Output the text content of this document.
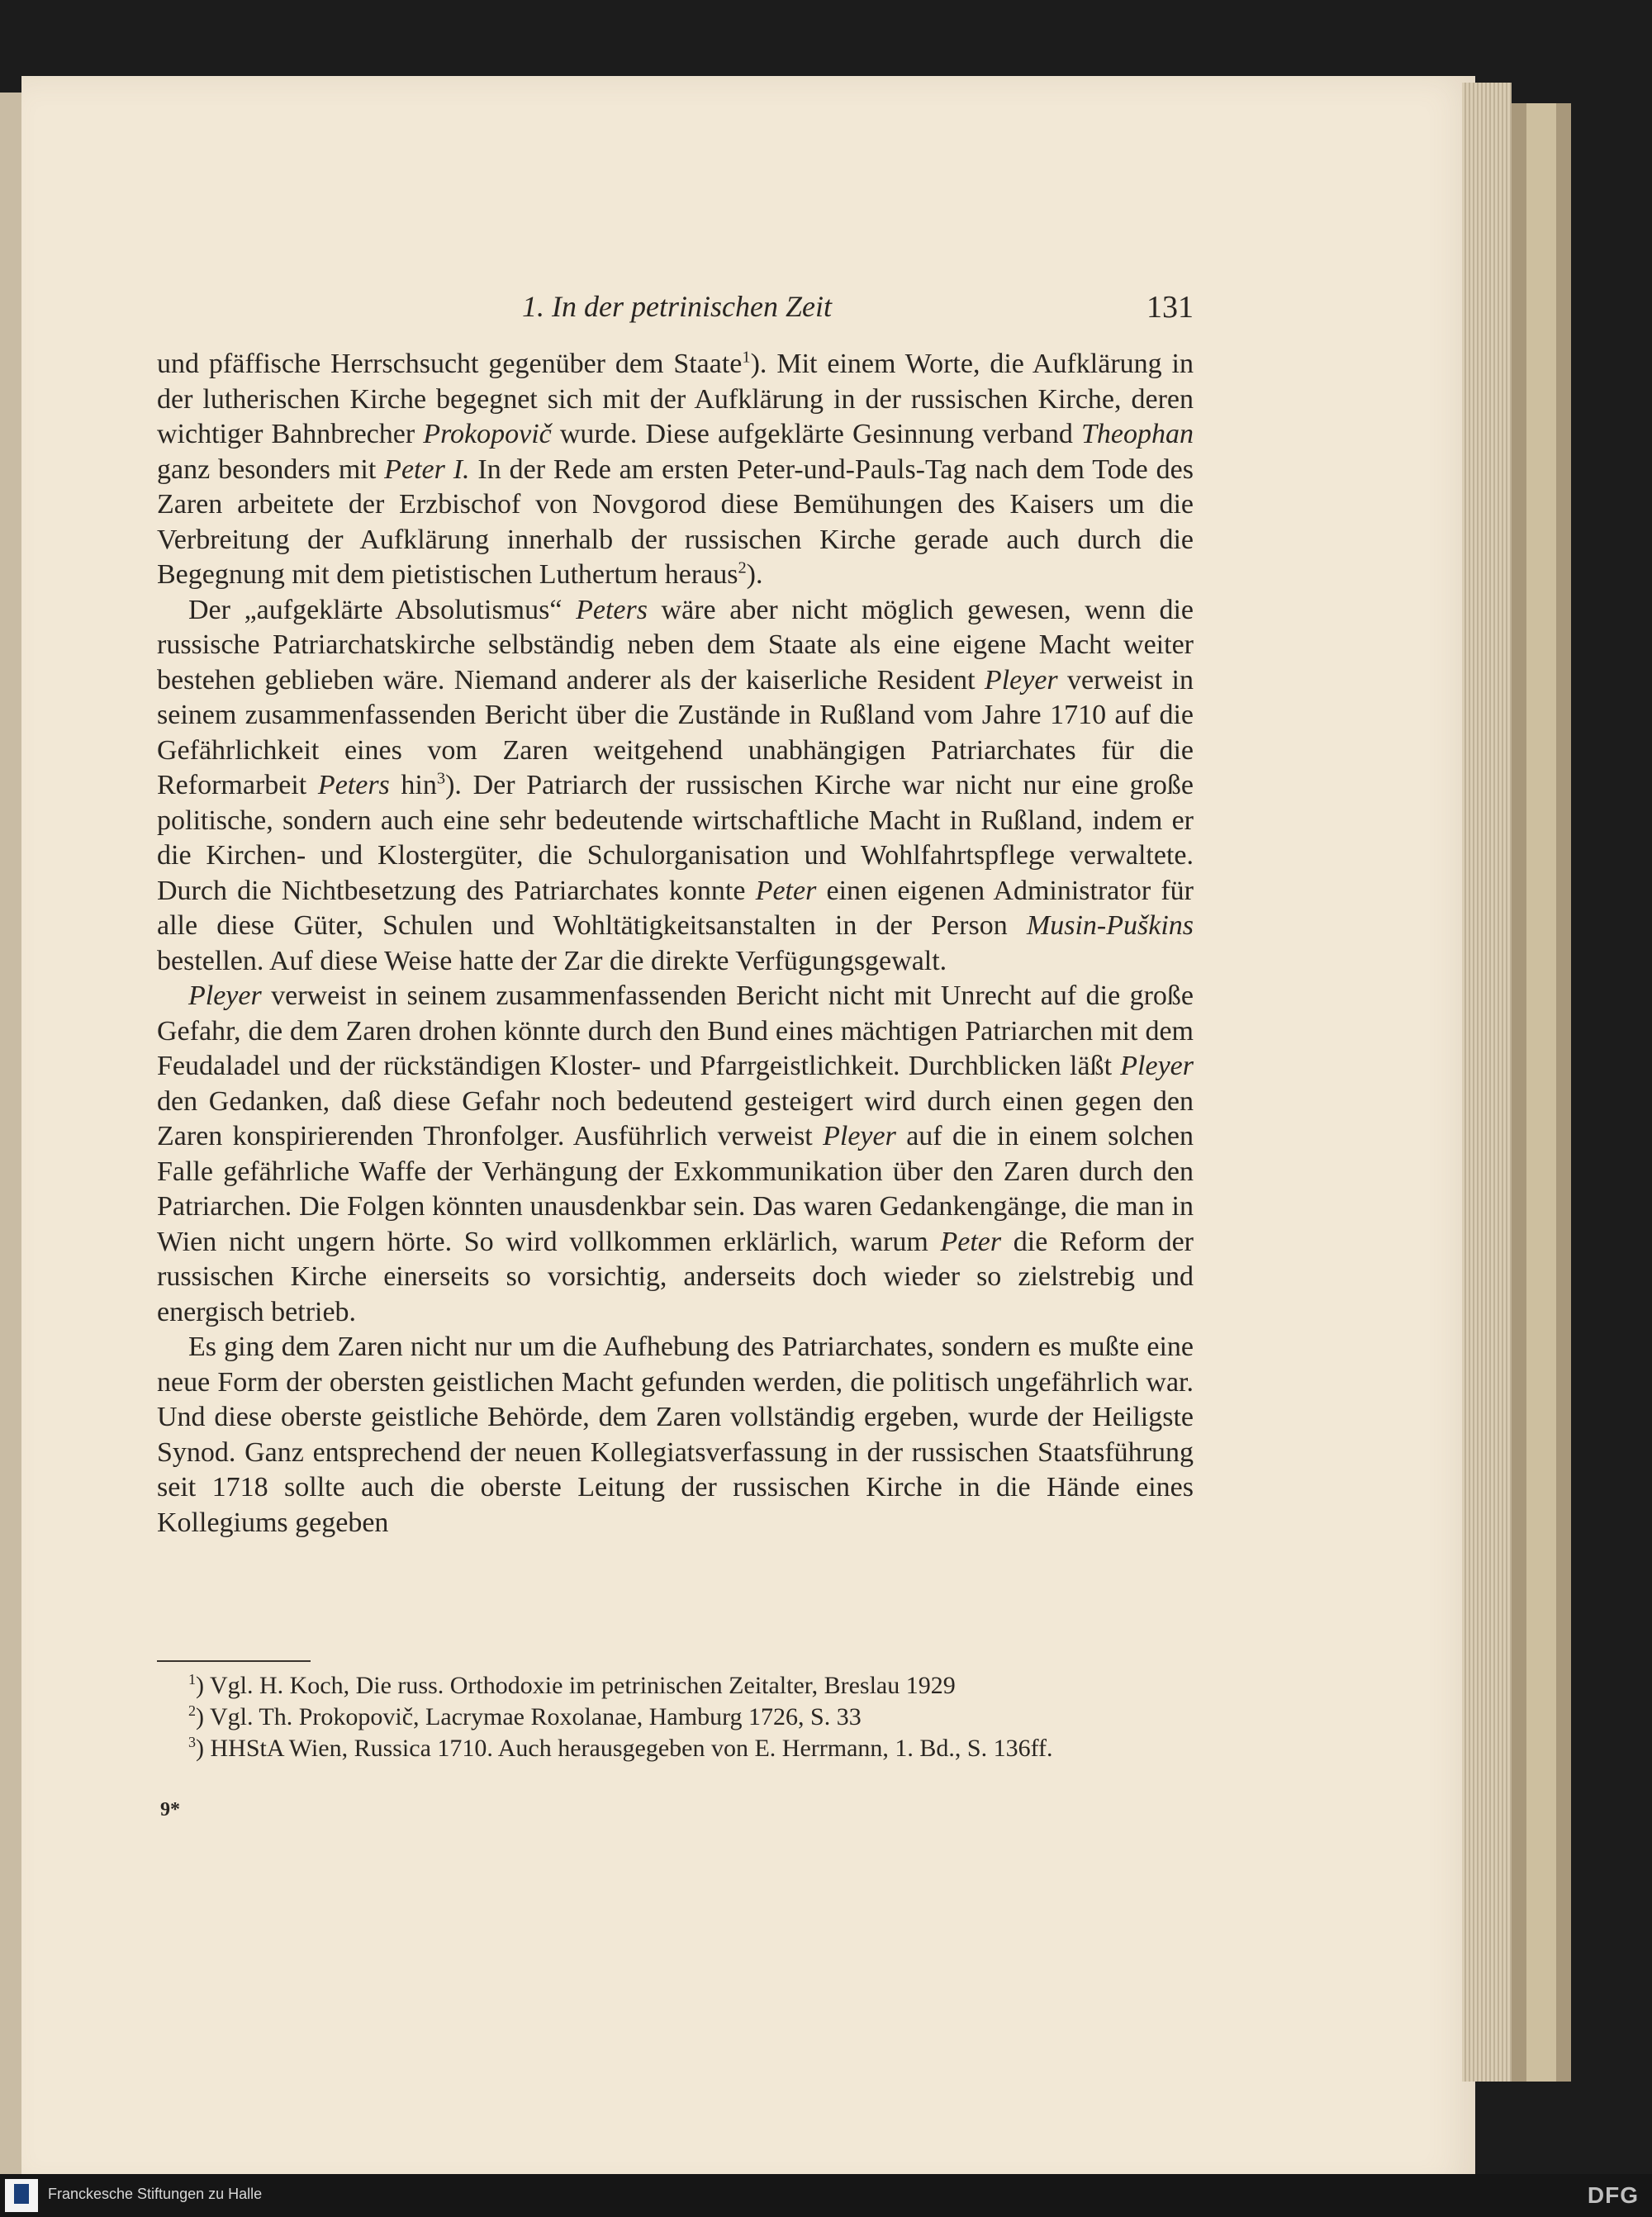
1. In der petrinischen Zeit	131

und pfäffische Herrschsucht gegenüber dem Staate$^1$). Mit einem Worte, die Aufklärung in der lutherischen Kirche begegnet sich mit der Aufklärung in der russischen Kirche, deren wichtiger Bahnbrecher Prokopovič wurde. Diese aufgeklärte Gesinnung verband Theophan ganz besonders mit Peter I. In der Rede am ersten Peter-und-Pauls-Tag nach dem Tode des Zaren arbeitete der Erzbischof von Novgorod diese Bemühungen des Kaisers um die Verbreitung der Aufklärung innerhalb der russischen Kirche gerade auch durch die Begegnung mit dem pietistischen Luthertum heraus$^2$).

Der „aufgeklärte Absolutismus“ Peters wäre aber nicht möglich gewesen, wenn die russische Patriarchatskirche selbständig neben dem Staate als eine eigene Macht weiter bestehen geblieben wäre. Niemand anderer als der kaiserliche Resident Pleyer verweist in seinem zusammenfassenden Bericht über die Zustände in Rußland vom Jahre 1710 auf die Gefährlichkeit eines vom Zaren weitgehend unabhängigen Patriarchates für die Reformarbeit Peters hin$^3$). Der Patriarch der russischen Kirche war nicht nur eine große politische, sondern auch eine sehr bedeutende wirtschaftliche Macht in Rußland, indem er die Kirchen- und Klostergüter, die Schulorganisation und Wohlfahrtspflege verwaltete. Durch die Nichtbesetzung des Patriarchates konnte Peter einen eigenen Administrator für alle diese Güter, Schulen und Wohltätigkeitsanstalten in der Person Musin-Puškins bestellen. Auf diese Weise hatte der Zar die direkte Verfügungsgewalt.

Pleyer verweist in seinem zusammenfassenden Bericht nicht mit Unrecht auf die große Gefahr, die dem Zaren drohen könnte durch den Bund eines mächtigen Patriarchen mit dem Feudaladel und der rückständigen Kloster- und Pfarrgeistlichkeit. Durchblicken läßt Pleyer den Gedanken, daß diese Gefahr noch bedeutend gesteigert wird durch einen gegen den Zaren konspirierenden Thronfolger. Ausführlich verweist Pleyer auf die in einem solchen Falle gefährliche Waffe der Verhängung der Exkommunikation über den Zaren durch den Patriarchen. Die Folgen könnten unausdenkbar sein. Das waren Gedankengänge, die man in Wien nicht ungern hörte. So wird vollkommen erklärlich, warum Peter die Reform der russischen Kirche einerseits so vorsichtig, anderseits doch wieder so zielstrebig und energisch betrieb.

Es ging dem Zaren nicht nur um die Aufhebung des Patriarchates, sondern es mußte eine neue Form der obersten geistlichen Macht gefunden werden, die politisch ungefährlich war. Und diese oberste geistliche Behörde, dem Zaren vollständig ergeben, wurde der Heiligste Synod. Ganz entsprechend der neuen Kollegiatsverfassung in der russischen Staatsführung seit 1718 sollte auch die oberste Leitung der russischen Kirche in die Hände eines Kollegiums gegeben

$^1$) Vgl. H. Koch, Die russ. Orthodoxie im petrinischen Zeitalter, Breslau 1929

$^2$) Vgl. Th. Prokopovič, Lacrymae Roxolanae, Hamburg 1726, S. 33

$^3$) HHStA Wien, Russica 1710. Auch herausgegeben von E. Herrmann, 1. Bd., S. 136ff.

9*
Franckesche Stiftungen zu Halle	DFG
